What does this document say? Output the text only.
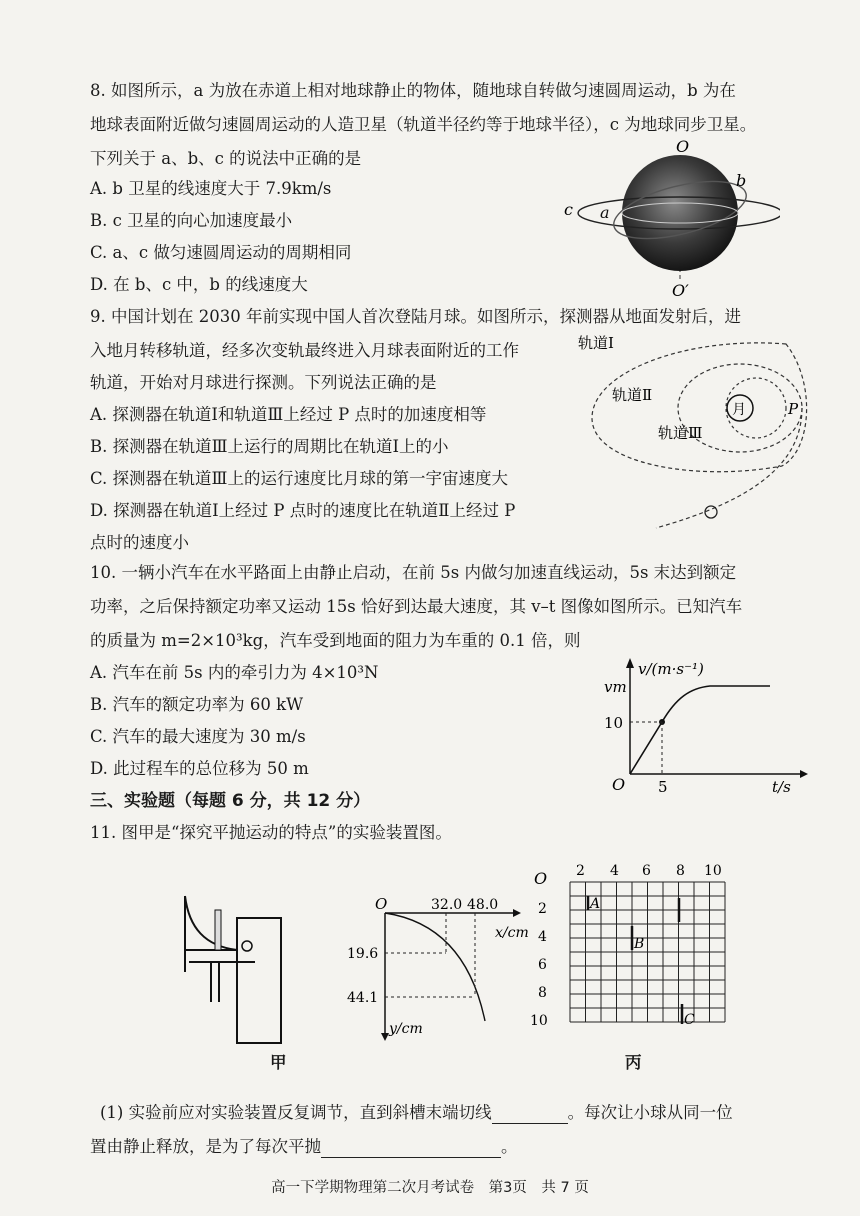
8. 如图所示，a 为放在赤道上相对地球静止的物体，随地球自转做匀速圆周运动，b 为在
地球表面附近做匀速圆周运动的人造卫星（轨道半径约等于地球半径），c 为地球同步卫星。
下列关于 a、b、c 的说法中正确的是
A. b 卫星的线速度大于 7.9km/s
B. c 卫星的向心加速度最小
C. a、c 做匀速圆周运动的周期相同
D. 在 b、c 中，b 的线速度大
O
O′
b
c a
9. 中国计划在 2030 年前实现中国人首次登陆月球。如图所示，探测器从地面发射后，进
入地月转移轨道，经多次变轨最终进入月球表面附近的工作
轨道，开始对月球进行探测。下列说法正确的是
A. 探测器在轨道Ⅰ和轨道Ⅲ上经过 P 点时的加速度相等
B. 探测器在轨道Ⅲ上运行的周期比在轨道Ⅰ上的小
C. 探测器在轨道Ⅲ上的运行速度比月球的第一宇宙速度大
D. 探测器在轨道Ⅰ上经过 P 点时的速度比在轨道Ⅱ上经过 P
点时的速度小
月	P
轨道Ⅰ
轨道Ⅱ
轨道Ⅲ
10. 一辆小汽车在水平路面上由静止启动，在前 5s 内做匀加速直线运动，5s 末达到额定
功率，之后保持额定功率又运动 15s 恰好到达最大速度，其 v–t 图像如图所示。已知汽车
的质量为 m=2×10³kg，汽车受到地面的阻力为车重的 0.1 倍，则
A. 汽车在前 5s 内的牵引力为 4×10³N
B. 汽车的额定功率为 60 kW
C. 汽车的最大速度为 30 m/s
D. 此过程车的总位移为 50 m
v/(m·s⁻¹)
vm
10
O 5	t/s
三、实验题（每题 6 分，共 12 分）
11. 图甲是“探究平抛运动的特点”的实验装置图。
O	32.0 48.0
x/cm
19.6
44.1
y/cm
O 2 4 6 8 10
2
4
6
8
10
A
B
C
甲	丙
(1) 实验前应对实验装置反复调节，直到斜槽末端切线	。每次让小球从同一位
置由静止释放，是为了每次平抛	。
高一下学期物理第二次月考试卷　第3页　共 7 页
